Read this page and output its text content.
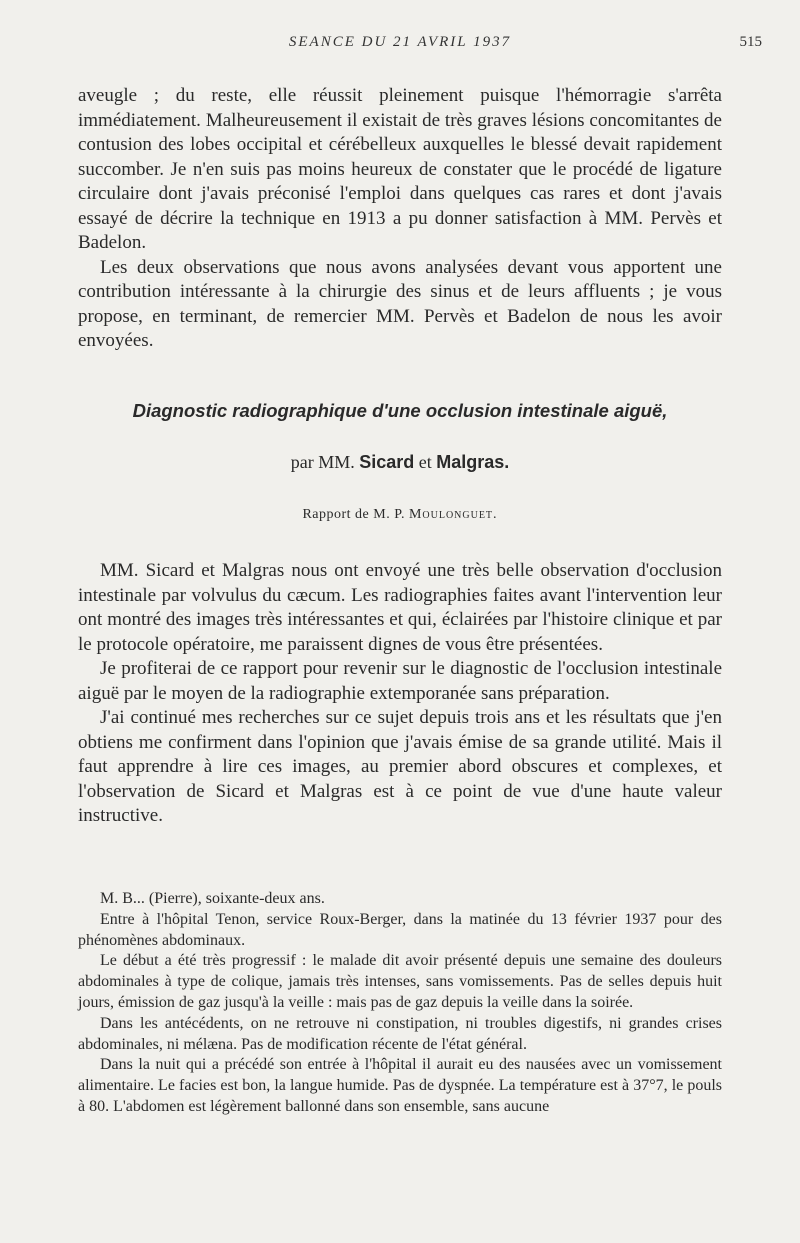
SEANCE DU 21 AVRIL 1937	515

aveugle ; du reste, elle réussit pleinement puisque l'hémorragie s'arrêta immédiatement. Malheureusement il existait de très graves lésions concomitantes de contusion des lobes occipital et cérébelleux auxquelles le blessé devait rapidement succomber. Je n'en suis pas moins heureux de constater que le procédé de ligature circulaire dont j'avais préconisé l'emploi dans quelques cas rares et dont j'avais essayé de décrire la technique en 1913 a pu donner satisfaction à MM. Pervès et Badelon.

Les deux observations que nous avons analysées devant vous apportent une contribution intéressante à la chirurgie des sinus et de leurs affluents ; je vous propose, en terminant, de remercier MM. Pervès et Badelon de nous les avoir envoyées.

Diagnostic radiographique d'une occlusion intestinale aiguë,
par MM. Sicard et Malgras.
Rapport de M. P. Moulonguet.

MM. Sicard et Malgras nous ont envoyé une très belle observation d'occlusion intestinale par volvulus du cæcum. Les radiographies faites avant l'intervention leur ont montré des images très intéressantes et qui, éclairées par l'histoire clinique et par le protocole opératoire, me paraissent dignes de vous être présentées.

Je profiterai de ce rapport pour revenir sur le diagnostic de l'occlusion intestinale aiguë par le moyen de la radiographie extemporanée sans préparation.

J'ai continué mes recherches sur ce sujet depuis trois ans et les résultats que j'en obtiens me confirment dans l'opinion que j'avais émise de sa grande utilité. Mais il faut apprendre à lire ces images, au premier abord obscures et complexes, et l'observation de Sicard et Malgras est à ce point de vue d'une haute valeur instructive.

M. B... (Pierre), soixante-deux ans.

Entre à l'hôpital Tenon, service Roux-Berger, dans la matinée du 13 février 1937 pour des phénomènes abdominaux.

Le début a été très progressif : le malade dit avoir présenté depuis une semaine des douleurs abdominales à type de colique, jamais très intenses, sans vomissements. Pas de selles depuis huit jours, émission de gaz jusqu'à la veille : mais pas de gaz depuis la veille dans la soirée.

Dans les antécédents, on ne retrouve ni constipation, ni troubles digestifs, ni grandes crises abdominales, ni mélæna. Pas de modification récente de l'état général.

Dans la nuit qui a précédé son entrée à l'hôpital il aurait eu des nausées avec un vomissement alimentaire. Le facies est bon, la langue humide. Pas de dyspnée. La température est à 37°7, le pouls à 80. L'abdomen est légèrement ballonné dans son ensemble, sans aucune
